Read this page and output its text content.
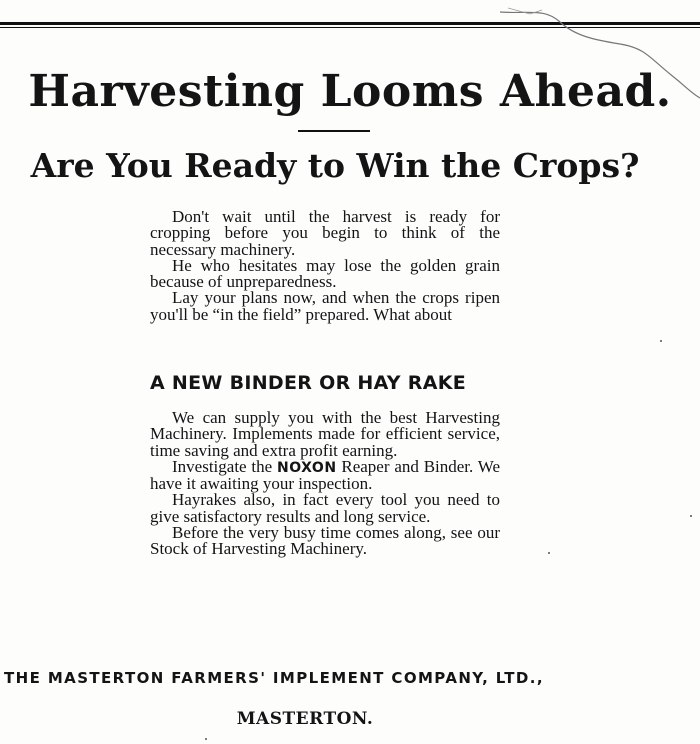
Harvesting Looms Ahead.
Are You Ready to Win the Crops?

Don't wait until the harvest is ready for cropping before you begin to think of the necessary machinery.

He who hesitates may lose the golden grain because of unpreparedness.

Lay your plans now, and when the crops ripen you'll be “in the field” prepared. What about

A NEW BINDER OR HAY RAKE

We can supply you with the best Harvesting Machinery. Implements made for efficient service, time saving and extra profit earning.

Investigate the NOXON Reaper and Binder. We have it awaiting your inspection.

Hayrakes also, in fact every tool you need to give satisfactory results and long service.

Before the very busy time comes along, see our Stock of Harvesting Machinery.

THE MASTERTON FARMERS' IMPLEMENT COMPANY, LTD.,
MASTERTON.
